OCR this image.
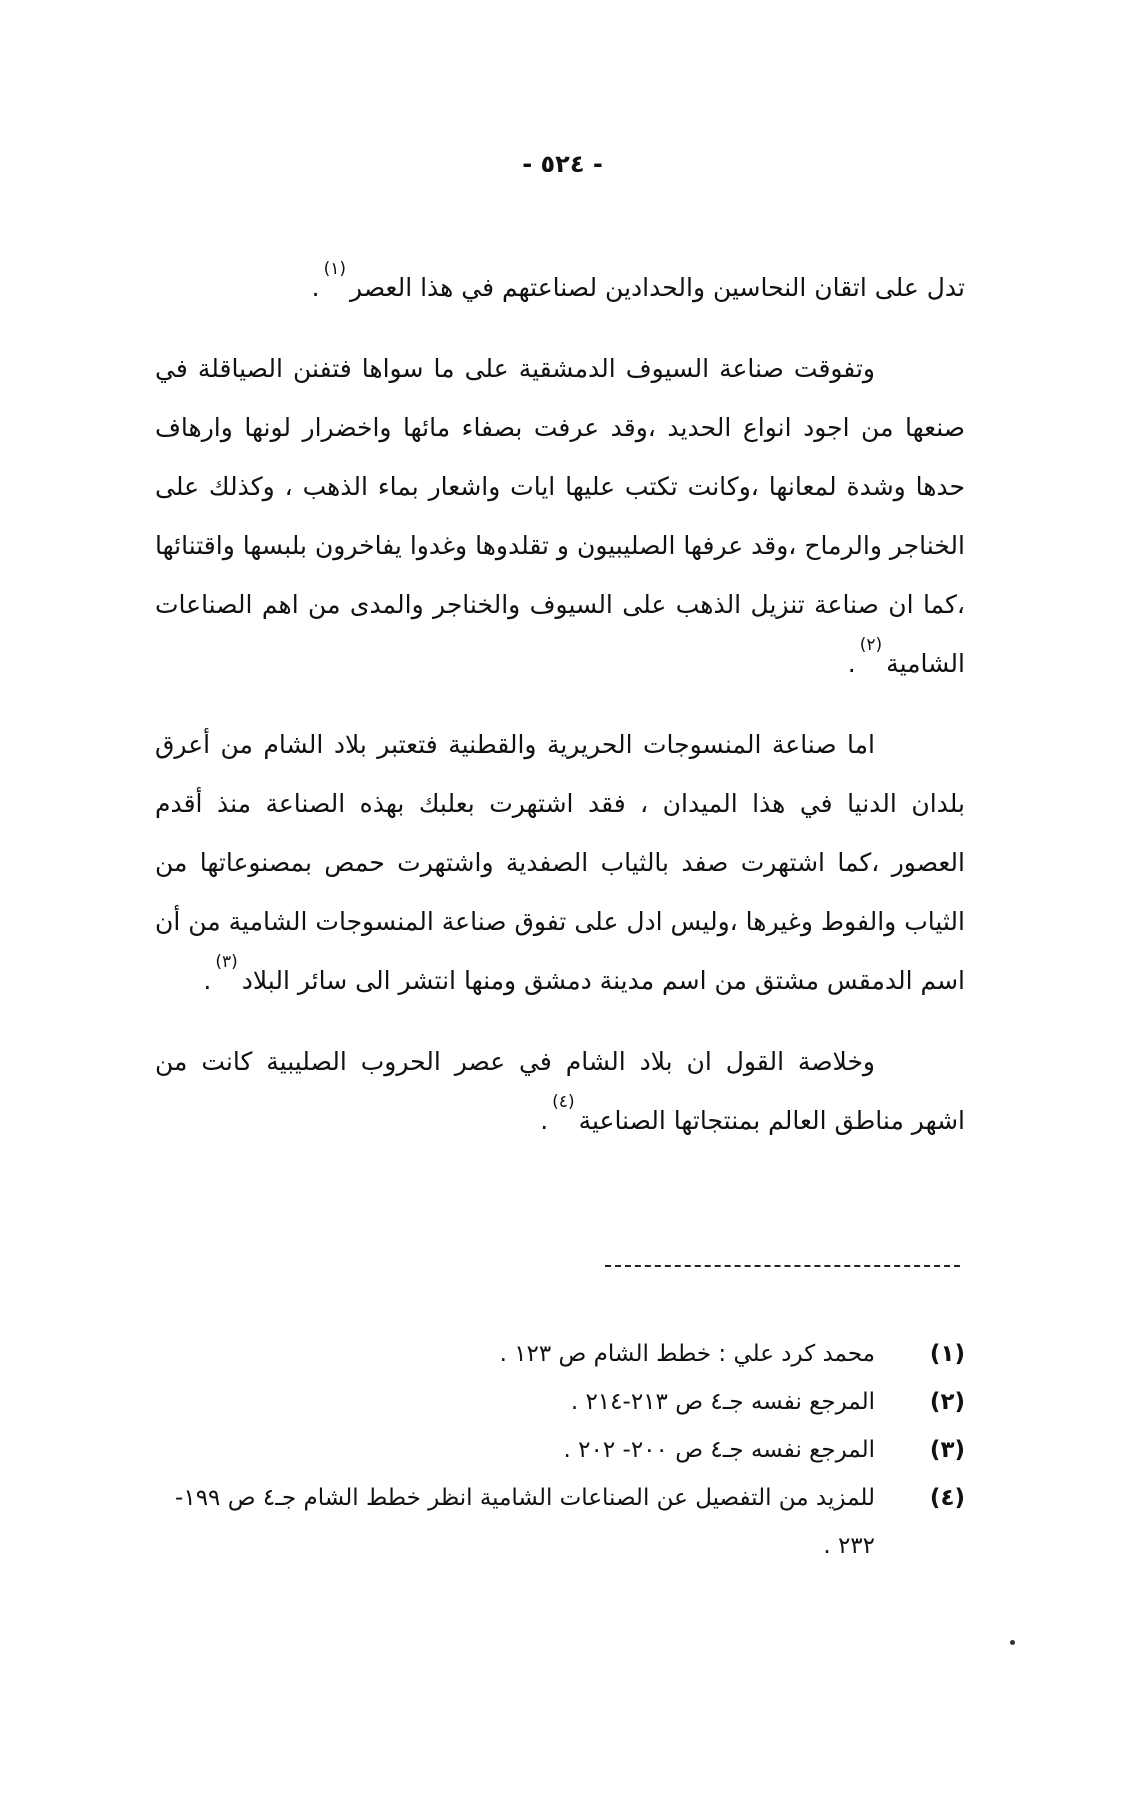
- ٥٢٤ -

تدل على اتقان النحاسين والحدادين لصناعتهم في هذا العصر$^{(١)}$.

وتفوقت صناعة السيوف الدمشقية على ما سواها فتفنن الصياقلة في صنعها من اجود انواع الحديد ،وقد عرفت بصفاء مائها واخضرار لونها وارهاف حدها وشدة لمعانها ،وكانت تكتب عليها ايات واشعار بماء الذهب ، وكذلك على الخناجر والرماح ،وقد عرفها الصليبيون و تقلدوها وغدوا يفاخرون بلبسها واقتنائها ،كما ان صناعة تنزيل الذهب على السيوف والخناجر والمدى من اهم الصناعات الشامية$^{(٢)}$.

اما صناعة المنسوجات الحريرية والقطنية فتعتبر بلاد الشام من أعرق بلدان الدنيا في هذا الميدان ، فقد اشتهرت بعلبك بهذه الصناعة منذ أقدم العصور ،كما اشتهرت صفد بالثياب الصفدية واشتهرت حمص بمصنوعاتها من الثياب والفوط وغيرها ،وليس ادل على تفوق صناعة المنسوجات الشامية من أن اسم الدمقس مشتق من اسم مدينة دمشق ومنها انتشر الى سائر البلاد$^{(٣)}$.

وخلاصة القول ان بلاد الشام في عصر الحروب الصليبية كانت من اشهر مناطق العالم بمنتجاتها الصناعية$^{(٤)}$.

(١)
محمد كرد علي : خطط الشام ص ١٢٣ .
(٢)
المرجع نفسه جـ٤ ص ٢١٣-٢١٤ .
(٣)
المرجع نفسه جـ٤ ص ٢٠٠- ٢٠٢ .
(٤)
للمزيد من التفصيل عن الصناعات الشامية انظر خطط الشام جـ٤ ص ١٩٩- ٢٣٢ .
